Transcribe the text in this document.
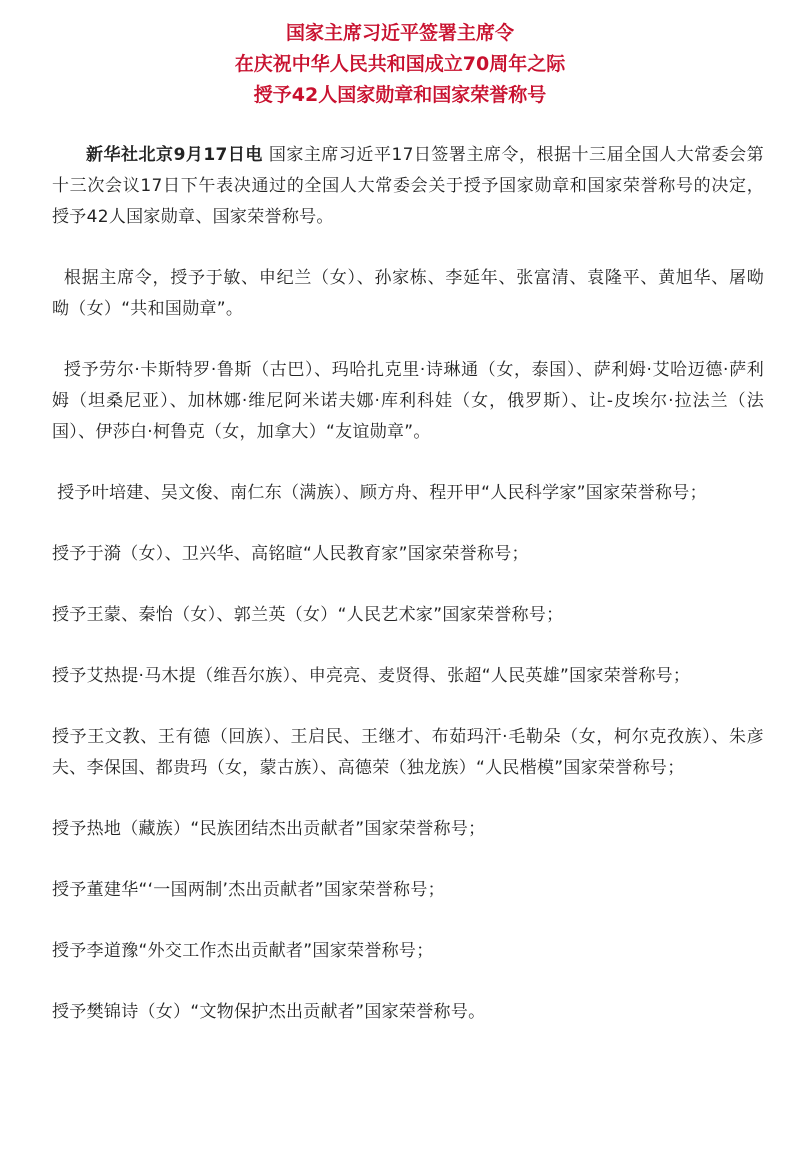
国家主席习近平签署主席令
在庆祝中华人民共和国成立70周年之际
授予42人国家勋章和国家荣誉称号

新华社北京9月17日电 国家主席习近平17日签署主席令，根据十三届全国人大常委会第十三次会议17日下午表决通过的全国人大常委会关于授予国家勋章和国家荣誉称号的决定，授予42人国家勋章、国家荣誉称号。

根据主席令，授予于敏、申纪兰（女）、孙家栋、李延年、张富清、袁隆平、黄旭华、屠呦呦（女）“共和国勋章”。

授予劳尔·卡斯特罗·鲁斯（古巴）、玛哈扎克里·诗琳通（女，泰国）、萨利姆·艾哈迈德·萨利姆（坦桑尼亚）、加林娜·维尼阿米诺夫娜·库利科娃（女，俄罗斯）、让-皮埃尔·拉法兰（法国）、伊莎白·柯鲁克（女，加拿大）“友谊勋章”。

授予叶培建、吴文俊、南仁东（满族）、顾方舟、程开甲“人民科学家”国家荣誉称号；

授予于漪（女）、卫兴华、高铭暄“人民教育家”国家荣誉称号；

授予王蒙、秦怡（女）、郭兰英（女）“人民艺术家”国家荣誉称号；

授予艾热提·马木提（维吾尔族）、申亮亮、麦贤得、张超“人民英雄”国家荣誉称号；

授予王文教、王有德（回族）、王启民、王继才、布茹玛汗·毛勒朵（女，柯尔克孜族）、朱彦夫、李保国、都贵玛（女，蒙古族）、高德荣（独龙族）“人民楷模”国家荣誉称号；

授予热地（藏族）“民族团结杰出贡献者”国家荣誉称号；

授予董建华“‘一国两制’杰出贡献者”国家荣誉称号；

授予李道豫“外交工作杰出贡献者”国家荣誉称号；

授予樊锦诗（女）“文物保护杰出贡献者”国家荣誉称号。
